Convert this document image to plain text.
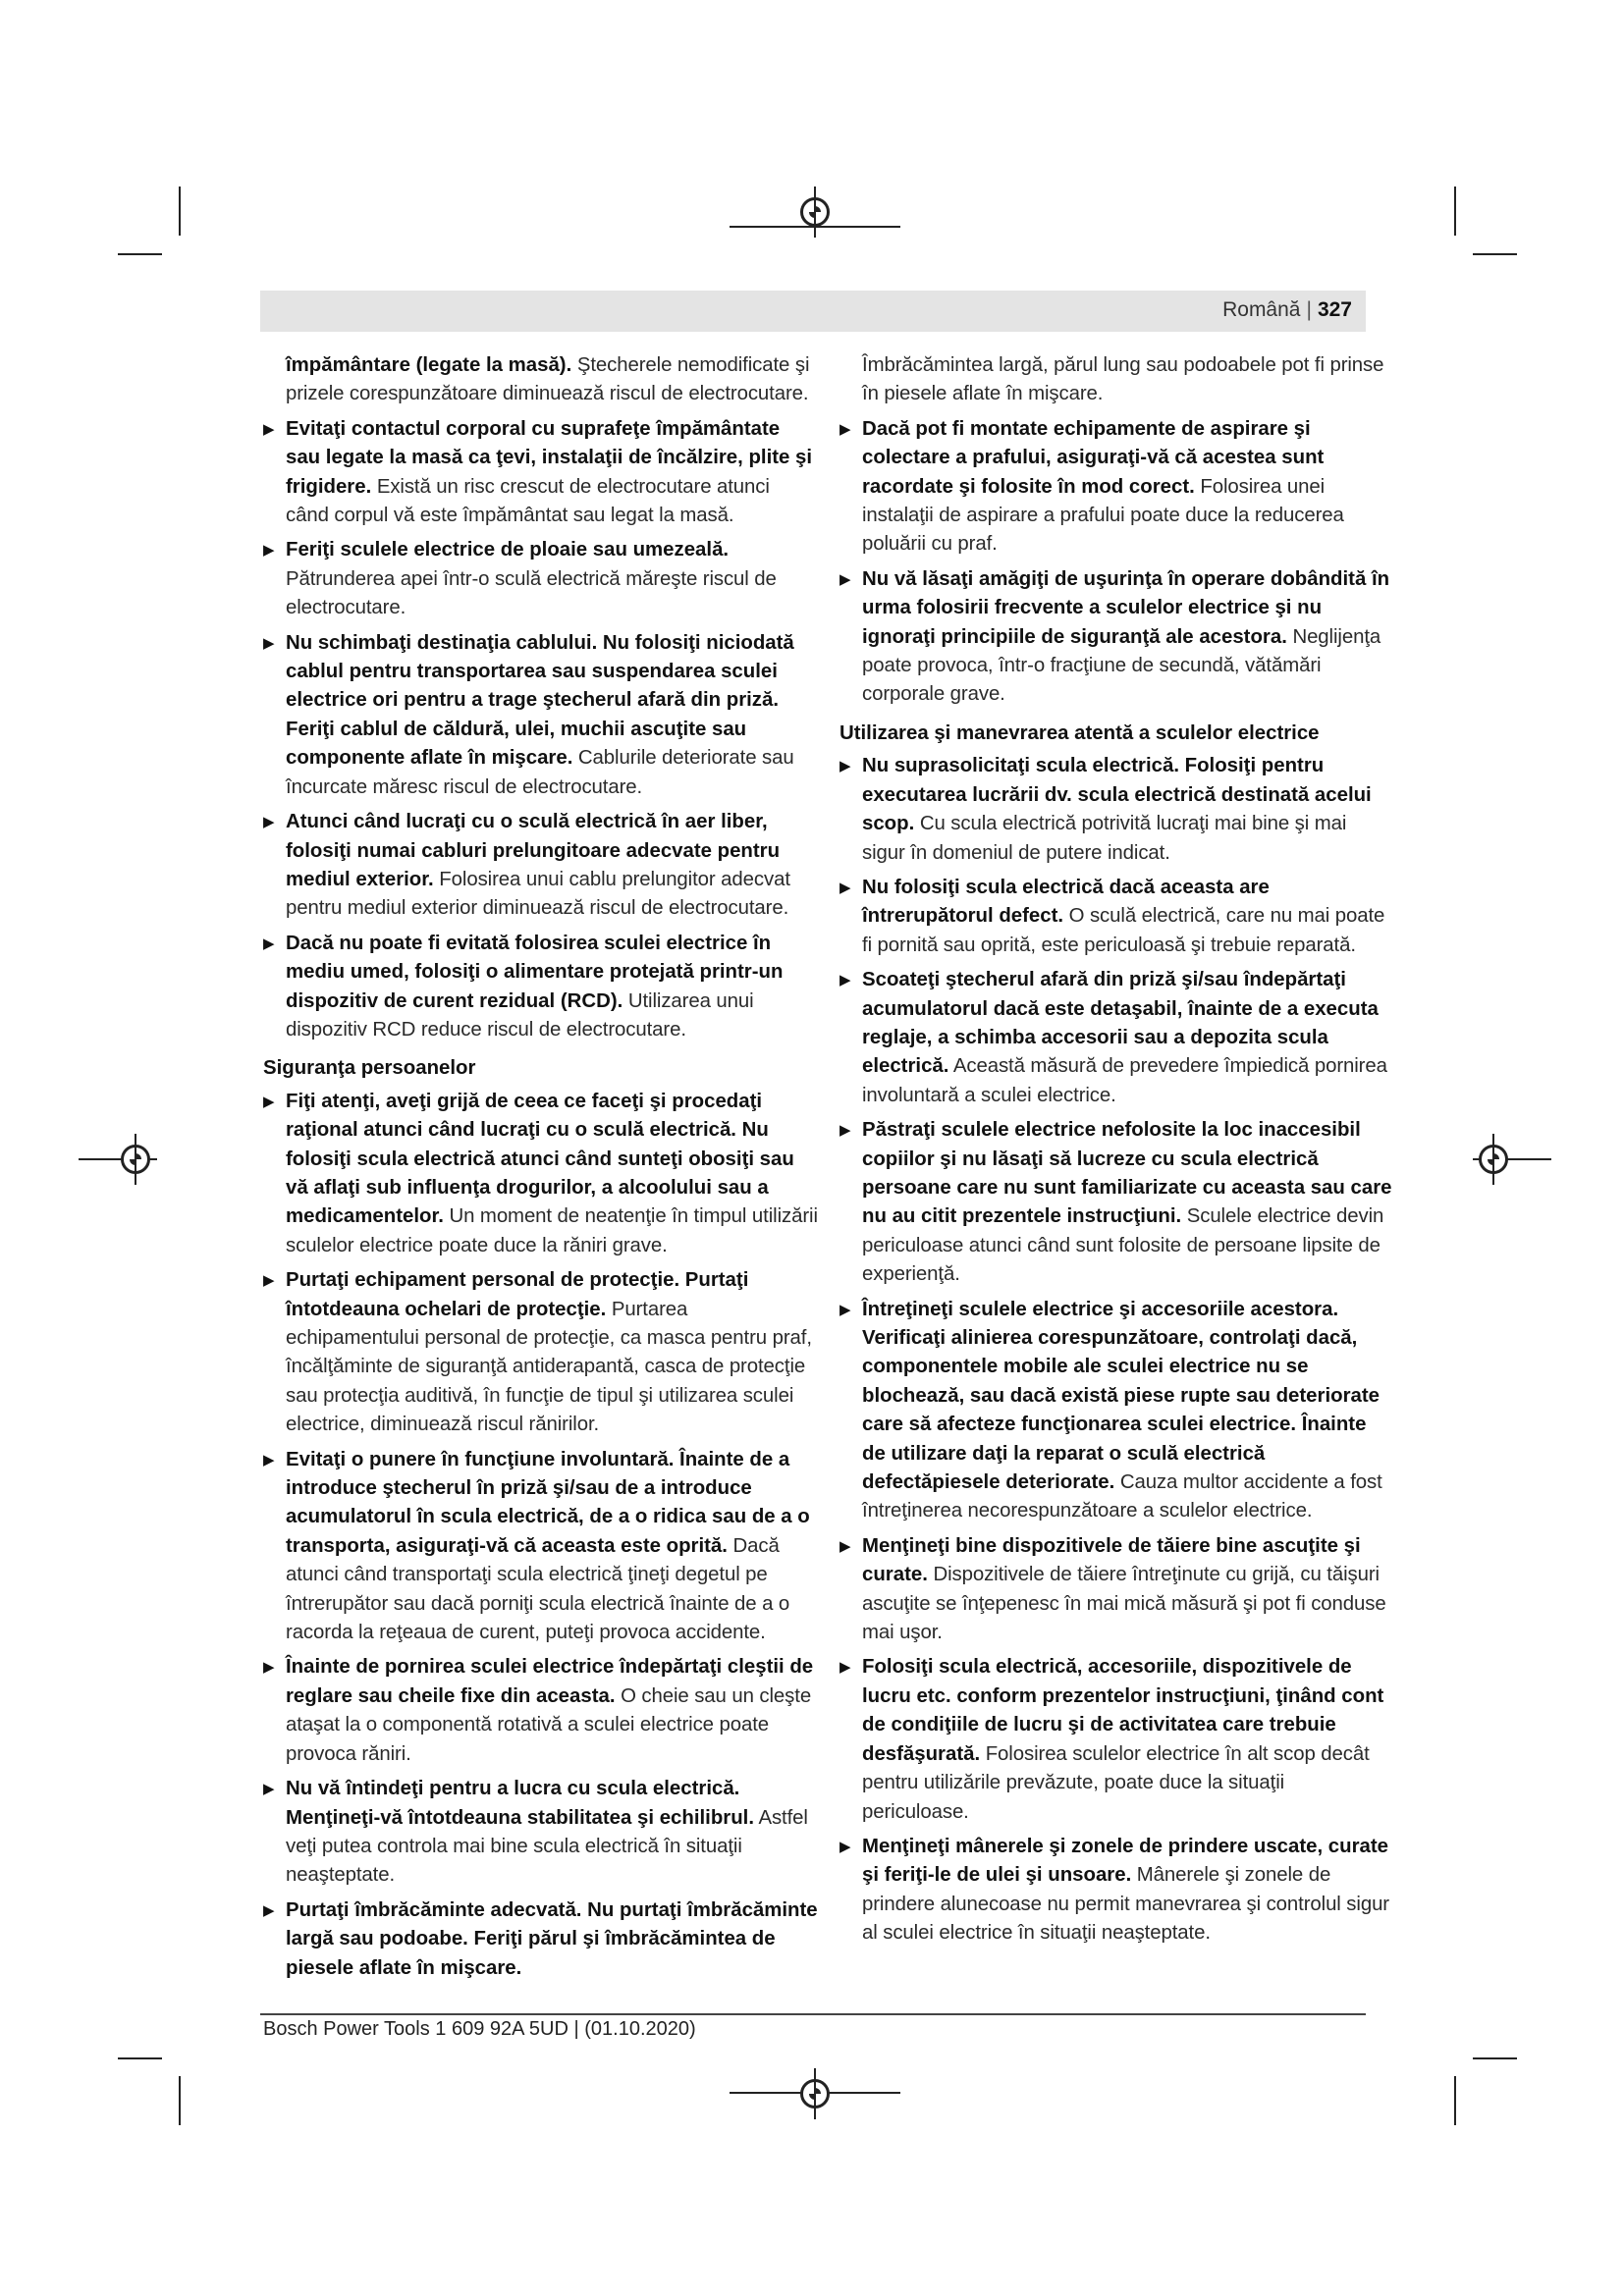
Română | 327

împământare (legate la masă). Ştecherele nemodificate şi prizele corespunzătoare diminuează riscul de electrocutare.

▶ Evitaţi contactul corporal cu suprafeţe împământate sau legate la masă ca ţevi, instalaţii de încălzire, plite şi frigidere. Există un risc crescut de electrocutare atunci când corpul vă este împământat sau legat la masă.
▶ Feriţi sculele electrice de ploaie sau umezeală. Pătrunderea apei într-o sculă electrică măreşte riscul de electrocutare.
▶ Nu schimbaţi destinaţia cablului. Nu folosiţi niciodată cablul pentru transportarea sau suspendarea sculei electrice ori pentru a trage ştecherul afară din priză. Feriţi cablul de căldură, ulei, muchii ascuţite sau componente aflate în mişcare. Cablurile deteriorate sau încurcate măresc riscul de electrocutare.
▶ Atunci când lucraţi cu o sculă electrică în aer liber, folosiţi numai cabluri prelungitoare adecvate pentru mediul exterior. Folosirea unui cablu prelungitor adecvat pentru mediul exterior diminuează riscul de electrocutare.
▶ Dacă nu poate fi evitată folosirea sculei electrice în mediu umed, folosiţi o alimentare protejată printr-un dispozitiv de curent rezidual (RCD). Utilizarea unui dispozitiv RCD reduce riscul de electrocutare.
Siguranţa persoanelor
▶ Fiţi atenţi, aveţi grijă de ceea ce faceţi şi procedaţi raţional atunci când lucraţi cu o sculă electrică. Nu folosiţi scula electrică atunci când sunteţi obosiţi sau vă aflaţi sub influenţa drogurilor, a alcoolului sau a medicamentelor. Un moment de neatenţie în timpul utilizării sculelor electrice poate duce la răniri grave.
▶ Purtaţi echipament personal de protecţie. Purtaţi întotdeauna ochelari de protecţie. Purtarea echipamentului personal de protecţie, ca masca pentru praf, încălţăminte de siguranţă antiderapantă, casca de protecţie sau protecţia auditivă, în funcţie de tipul şi utilizarea sculei electrice, diminuează riscul rănirilor.
▶ Evitaţi o punere în funcţiune involuntară. Înainte de a introduce ştecherul în priză şi/sau de a introduce acumulatorul în scula electrică, de a o ridica sau de a o transporta, asiguraţi-vă că aceasta este oprită. Dacă atunci când transportaţi scula electrică ţineţi degetul pe întrerupător sau dacă porniţi scula electrică înainte de a o racorda la reţeaua de curent, puteţi provoca accidente.
▶ Înainte de pornirea sculei electrice îndepărtaţi cleştii de reglare sau cheile fixe din aceasta. O cheie sau un cleşte ataşat la o componentă rotativă a sculei electrice poate provoca răniri.
▶ Nu vă întindeţi pentru a lucra cu scula electrică. Menţineţi-vă întotdeauna stabilitatea şi echilibrul. Astfel veţi putea controla mai bine scula electrică în situaţii neaşteptate.
▶ Purtaţi îmbrăcăminte adecvată. Nu purtaţi îmbrăcăminte largă sau podoabe. Feriţi părul şi îmbrăcămintea de piesele aflate în mişcare.

Îmbrăcămintea largă, părul lung sau podoabele pot fi prinse în piesele aflate în mişcare.

▶ Dacă pot fi montate echipamente de aspirare şi colectare a prafului, asiguraţi-vă că acestea sunt racordate şi folosite în mod corect. Folosirea unei instalaţii de aspirare a prafului poate duce la reducerea poluării cu praf.
▶ Nu vă lăsaţi amăgiţi de uşurinţa în operare dobândită în urma folosirii frecvente a sculelor electrice şi nu ignoraţi principiile de siguranţă ale acestora. Neglijenţa poate provoca, într-o fracţiune de secundă, vătămări corporale grave.
Utilizarea şi manevrarea atentă a sculelor electrice
▶ Nu suprasolicitaţi scula electrică. Folosiţi pentru executarea lucrării dv. scula electrică destinată acelui scop. Cu scula electrică potrivită lucraţi mai bine şi mai sigur în domeniul de putere indicat.
▶ Nu folosiţi scula electrică dacă aceasta are întrerupătorul defect. O sculă electrică, care nu mai poate fi pornită sau oprită, este periculoasă şi trebuie reparată.
▶ Scoateţi ştecherul afară din priză şi/sau îndepărtaţi acumulatorul dacă este detaşabil, înainte de a executa reglaje, a schimba accesorii sau a depozita scula electrică. Această măsură de prevedere împiedică pornirea involuntară a sculei electrice.
▶ Păstraţi sculele electrice nefolosite la loc inaccesibil copiilor şi nu lăsaţi să lucreze cu scula electrică persoane care nu sunt familiarizate cu aceasta sau care nu au citit prezentele instrucţiuni. Sculele electrice devin periculoase atunci când sunt folosite de persoane lipsite de experienţă.
▶ Întreţineţi sculele electrice şi accesoriile acestora. Verificaţi alinierea corespunzătoare, controlaţi dacă, componentele mobile ale sculei electrice nu se blochează, sau dacă există piese rupte sau deteriorate care să afecteze funcţionarea sculei electrice. Înainte de utilizare daţi la reparat o sculă electrică defectăpiesele deteriorate. Cauza multor accidente a fost întreţinerea necorespunzătoare a sculelor electrice.
▶ Menţineţi bine dispozitivele de tăiere bine ascuţite şi curate. Dispozitivele de tăiere întreţinute cu grijă, cu tăişuri ascuţite se înţepenesc în mai mică măsură şi pot fi conduse mai uşor.
▶ Folosiţi scula electrică, accesoriile, dispozitivele de lucru etc. conform prezentelor instrucţiuni, ţinând cont de condiţiile de lucru şi de activitatea care trebuie desfăşurată. Folosirea sculelor electrice în alt scop decât pentru utilizările prevăzute, poate duce la situaţii periculoase.
▶ Menţineţi mânerele şi zonele de prindere uscate, curate şi feriţi-le de ulei şi unsoare. Mânerele şi zonele de prindere alunecoase nu permit manevrarea şi controlul sigur al sculei electrice în situaţii neaşteptate.
Bosch Power Tools 1 609 92A 5UD | (01.10.2020)
